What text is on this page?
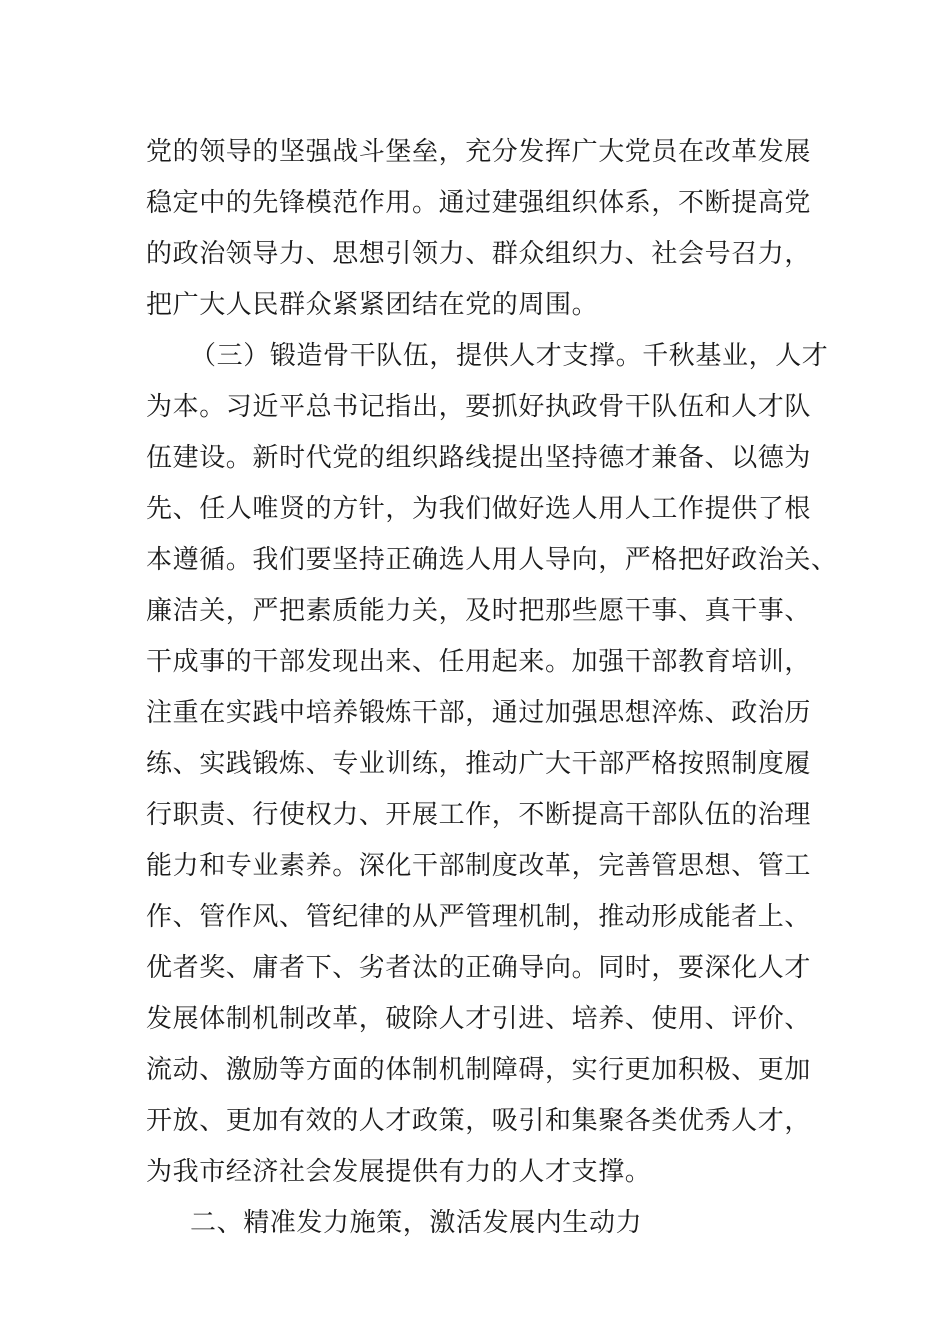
党的领导的坚强战斗堡垒，充分发挥广大党员在改革发展

稳定中的先锋模范作用。通过建强组织体系，不断提高党

的政治领导力、思想引领力、群众组织力、社会号召力，

把广大人民群众紧紧团结在党的周围。

（三）锻造骨干队伍，提供人才支撑。千秋基业，人才

为本。习近平总书记指出，要抓好执政骨干队伍和人才队

伍建设。新时代党的组织路线提出坚持德才兼备、以德为

先、任人唯贤的方针，为我们做好选人用人工作提供了根

本遵循。我们要坚持正确选人用人导向，严格把好政治关、

廉洁关，严把素质能力关，及时把那些愿干事、真干事、

干成事的干部发现出来、任用起来。加强干部教育培训，

注重在实践中培养锻炼干部，通过加强思想淬炼、政治历

练、实践锻炼、专业训练，推动广大干部严格按照制度履

行职责、行使权力、开展工作，不断提高干部队伍的治理

能力和专业素养。深化干部制度改革，完善管思想、管工

作、管作风、管纪律的从严管理机制，推动形成能者上、

优者奖、庸者下、劣者汰的正确导向。同时，要深化人才

发展体制机制改革，破除人才引进、培养、使用、评价、

流动、激励等方面的体制机制障碍，实行更加积极、更加

开放、更加有效的人才政策，吸引和集聚各类优秀人才，

为我市经济社会发展提供有力的人才支撑。

二、精准发力施策，激活发展内生动力
